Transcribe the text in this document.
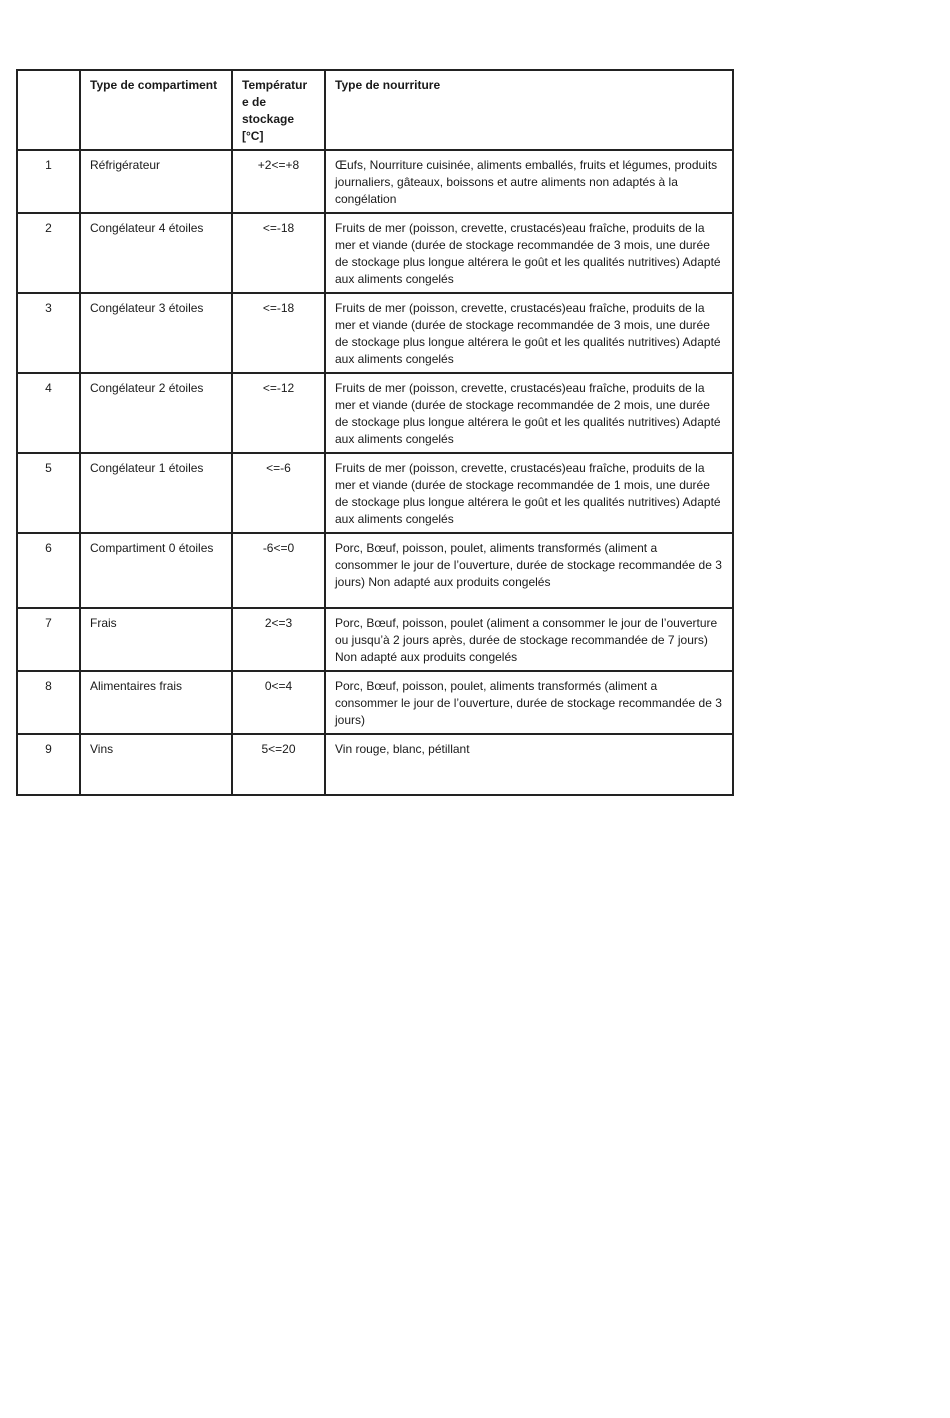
	Type de compartiment	Températur e de stockage [°C]	Type de nourriture
1	Réfrigérateur	+2<=+8	Œufs, Nourriture cuisinée, aliments emballés, fruits et légumes, produits journaliers, gâteaux, boissons et autre aliments non adaptés à la congélation
2	Congélateur 4 étoiles	<=-18	Fruits de mer (poisson, crevette, crustacés)eau fraîche, produits de la mer et viande (durée de stockage recommandée de 3 mois, une durée de stockage plus longue altérera le goût et les qualités nutritives) Adapté aux aliments congelés
3	Congélateur 3 étoiles	<=-18	Fruits de mer (poisson, crevette, crustacés)eau fraîche, produits de la mer et viande (durée de stockage recommandée de 3 mois, une durée de stockage plus longue altérera le goût et les qualités nutritives) Adapté aux aliments congelés
4	Congélateur 2 étoiles	<=-12	Fruits de mer (poisson, crevette, crustacés)eau fraîche, produits de la mer et viande (durée de stockage recommandée de 2 mois, une durée de stockage plus longue altérera le goût et les qualités nutritives) Adapté aux aliments congelés
5	Congélateur 1 étoiles	<=-6	Fruits de mer (poisson, crevette, crustacés)eau fraîche, produits de la mer et viande (durée de stockage recommandée de 1 mois, une durée de stockage plus longue altérera le goût et les qualités nutritives) Adapté aux aliments congelés
6	Compartiment 0 étoiles	-6<=0	Porc, Bœuf, poisson, poulet, aliments transformés (aliment a consommer le jour de l’ouverture, durée de stockage recommandée de 3 jours) Non adapté aux produits congelés
7	Frais	2<=3	Porc, Bœuf, poisson, poulet (aliment a consommer le jour de l’ouverture ou jusqu’à 2 jours après, durée de stockage recommandée de 7 jours) Non adapté aux produits congelés
8	Alimentaires frais	0<=4	Porc, Bœuf, poisson, poulet, aliments transformés (aliment a consommer le jour de l’ouverture, durée de stockage recommandée de 3 jours)
9	Vins	5<=20	Vin rouge, blanc, pétillant
